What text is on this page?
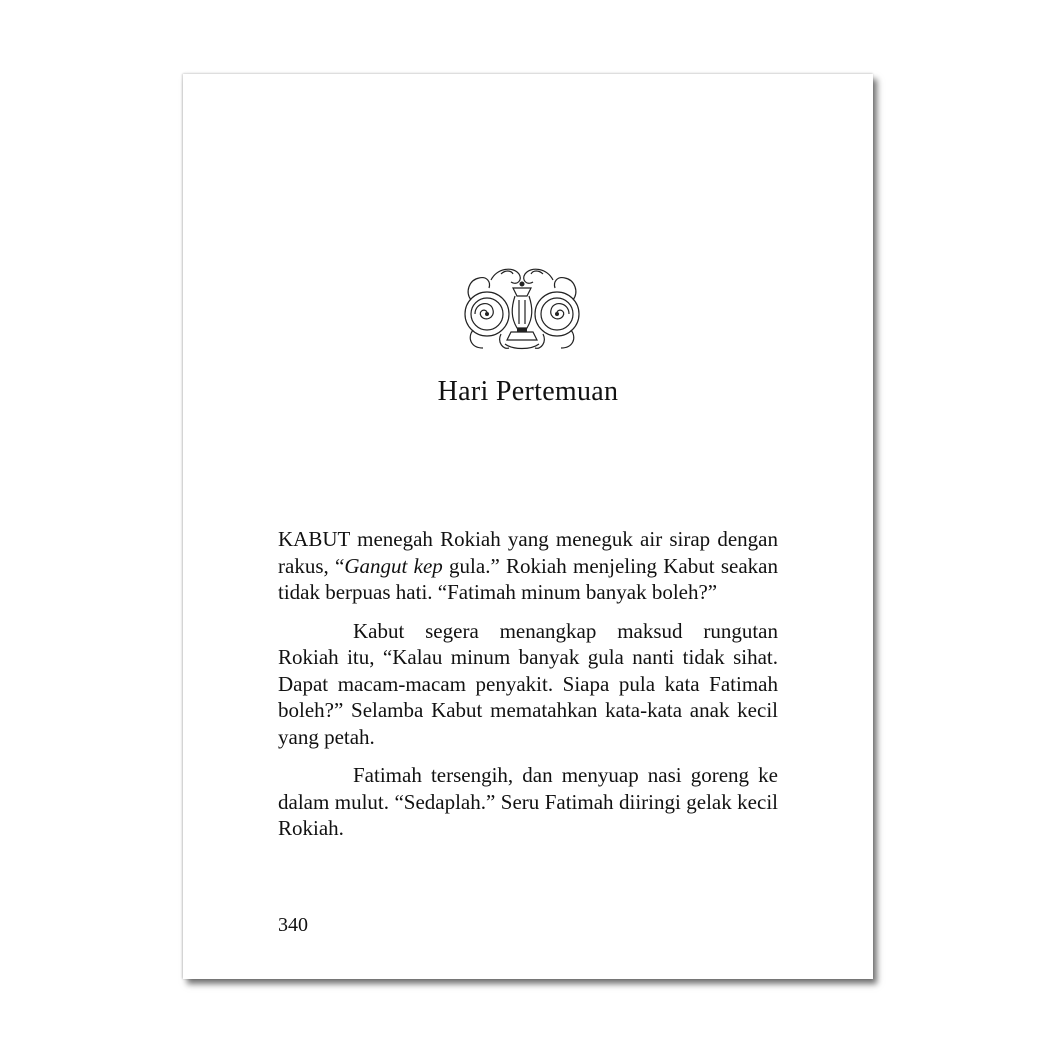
Hari Pertemuan

KABUT menegah Rokiah yang meneguk air sirap dengan rakus, “Gangut kep gula.” Rokiah menjeling Kabut seakan tidak berpuas hati. “Fatimah minum banyak boleh?”

Kabut segera menangkap maksud rungutan Rokiah itu, “Kalau minum banyak gula nanti tidak sihat. Dapat macam-macam penyakit. Siapa pula kata Fatimah boleh?” Selamba Kabut mematahkan kata-kata anak kecil yang petah.

Fatimah tersengih, dan menyuap nasi goreng ke dalam mulut. “Sedaplah.” Seru Fatimah diiringi gelak kecil Rokiah.

340
